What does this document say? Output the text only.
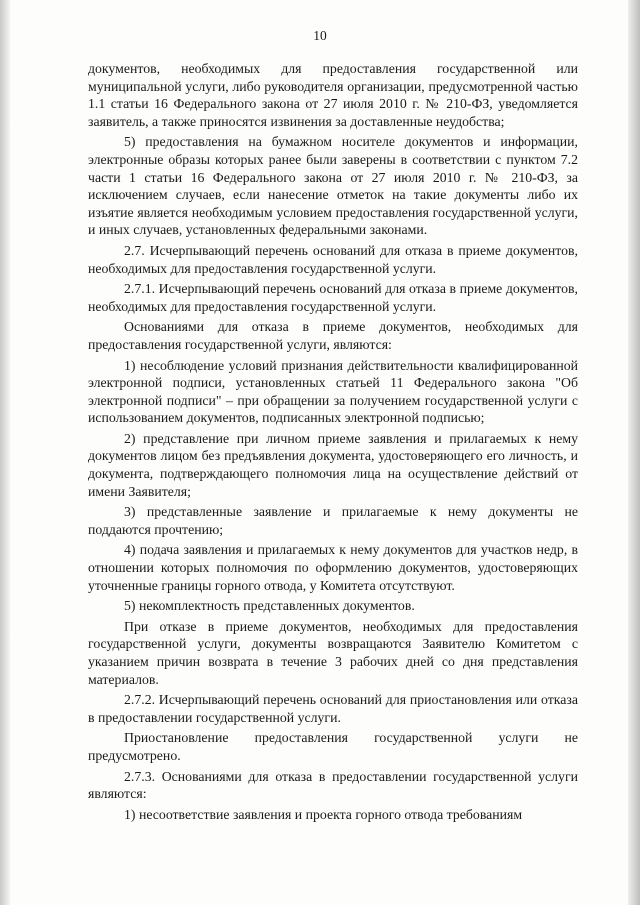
10

документов, необходимых для предоставления государственной или муниципальной услуги, либо руководителя организации, предусмотренной частью 1.1 статьи 16 Федерального закона от 27 июля 2010 г. № 210-ФЗ, уведомляется заявитель, а также приносятся извинения за доставленные неудобства;

5) предоставления на бумажном носителе документов и информации, электронные образы которых ранее были заверены в соответствии с пунктом 7.2 части 1 статьи 16 Федерального закона от 27 июля 2010 г. № 210-ФЗ, за исключением случаев, если нанесение отметок на такие документы либо их изъятие является необходимым условием предоставления государственной услуги, и иных случаев, установленных федеральными законами.

2.7. Исчерпывающий перечень оснований для отказа в приеме документов, необходимых для предоставления государственной услуги.

2.7.1. Исчерпывающий перечень оснований для отказа в приеме документов, необходимых для предоставления государственной услуги.

Основаниями для отказа в приеме документов, необходимых для предоставления государственной услуги, являются:

1) несоблюдение условий признания действительности квалифицированной электронной подписи, установленных статьей 11 Федерального закона "Об электронной подписи" – при обращении за получением государственной услуги с использованием документов, подписанных электронной подписью;

2) представление при личном приеме заявления и прилагаемых к нему документов лицом без предъявления документа, удостоверяющего его личность, и документа, подтверждающего полномочия лица на осуществление действий от имени Заявителя;

3) представленные заявление и прилагаемые к нему документы не поддаются прочтению;

4) подача заявления и прилагаемых к нему документов для участков недр, в отношении которых полномочия по оформлению документов, удостоверяющих уточненные границы горного отвода, у Комитета отсутствуют.

5) некомплектность представленных документов.

При отказе в приеме документов, необходимых для предоставления государственной услуги, документы возвращаются Заявителю Комитетом с указанием причин возврата в течение 3 рабочих дней со дня представления материалов.

2.7.2. Исчерпывающий перечень оснований для приостановления или отказа в предоставлении государственной услуги.

Приостановление предоставления государственной услуги не предусмотрено.

2.7.3. Основаниями для отказа в предоставлении государственной услуги являются:

1) несоответствие заявления и проекта горного отвода требованиям
